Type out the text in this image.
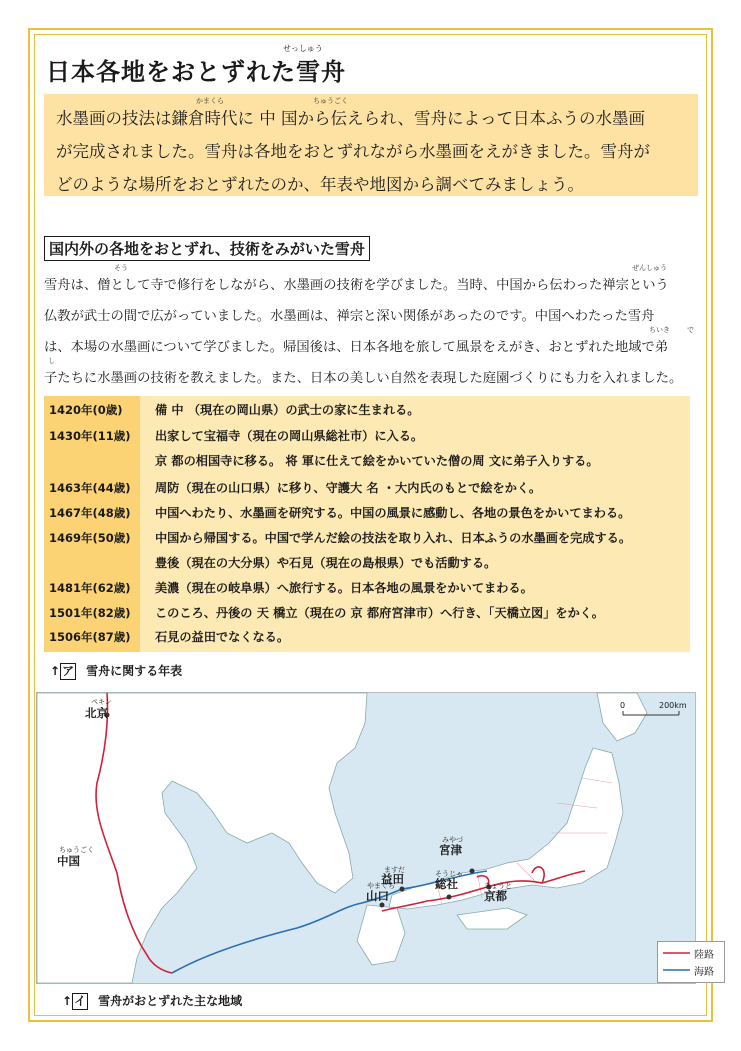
せっしゅう
日本各地をおとずれた雪舟
水墨画の技法は鎌倉時代に 中 国から伝えられ、雪舟によって日本ふうの水墨画
が完成されました。雪舟は各地をおとずれながら水墨画をえがきました。雪舟が
どのような場所をおとずれたのか、年表や地図から調べてみましょう。
かまくら	ちゅうごく
国内外の各地をおとずれ、技術をみがいた雪舟
雪舟は、僧として寺で修行をしながら、水墨画の技術を学びました。当時、中国から伝わった禅宗という
仏教が武士の間で広がっていました。水墨画は、禅宗と深い関係があったのです。中国へわたった雪舟
は、本場の水墨画について学びました。帰国後は、日本各地を旅して風景をえがき、おとずれた地域で弟
子たちに水墨画の技術を教えました。また、日本の美しい自然を表現した庭園づくりにも力を入れました。
そう	ぜんしゅう
ちいき で
し
1420年(0歳)	備 中 （現在の岡山県）の武士の家に生まれる。
1430年(11歳) 出家して宝福寺（現在の岡山県総社市）に入る。
京 都の相国寺に移る。 将 軍に仕えて絵をかいていた僧の周 文に弟子入りする。
1463年(44歳) 周防（現在の山口県）に移り、守護大 名 ・大内氏のもとで絵をかく。
1467年(48歳) 中国へわたり、水墨画を研究する。中国の風景に感動し、各地の景色をかいてまわる。
1469年(50歳) 中国から帰国する。中国で学んだ絵の技法を取り入れ、日本ふうの水墨画を完成する。
豊後（現在の大分県）や石見（現在の島根県）でも活動する。
1481年(62歳) 美濃（現在の岐阜県）へ旅行する。日本各地の風景をかいてまわる。
1501年(82歳) このころ、丹後の 天 橋立（現在の 京 都府宮津市）へ行き、「天橋立図」をかく。
1506年(87歳) 石見の益田でなくなる。
↑ ア 雪舟に関する年表
ペキン
北京
ちゅうごく
中国
みやづ
宮津
ますだ
益田
やまぐち
山口
そうじゃ
総社	きょうと
京都
0	200km
陸路
海路
↑ イ 雪舟がおとずれた主な地域
